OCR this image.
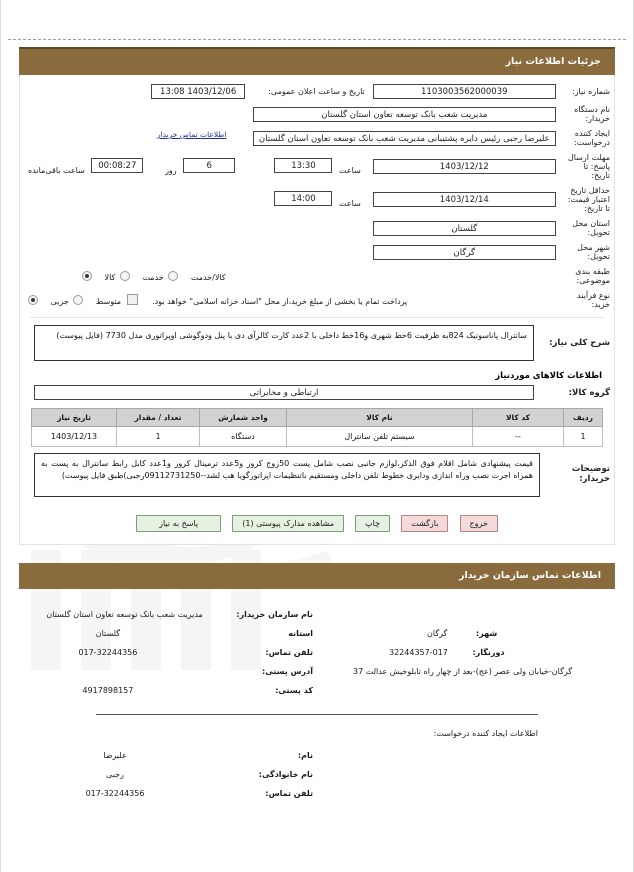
جزئیات اطلاعات نیاز
شماره نیاز:	1103003562000039	تاریخ و ساعت اعلان عمومی:	1403/12/06 13:08	

نام دستگاه خریدار:	مدیریت شعب بانک توسعه تعاون استان گلستان			

ایجاد کننده درخواست:	علیرضا رجبی رئیس دایره پشتیبانی مدیریت شعب بانک توسعه تعاون استان گلستان
اطلاعات تماس خریدار			

مهلت ارسال پاسخ: تا تاریخ:	1403/12/12	ساعت 13:30	6 روز	00:08:27 ساعت باقی‌مانده
حداقل تاریخ اعتبار قیمت: تا تاریخ:	1403/12/14	ساعت 14:00		
استان محل تحویل:	گلستان			

شهر محل تحویل:	گرگان			

طبقه بندی موضوعی:	کالا/خدمت  خدمت  کالا			
نوع فرآیند خرید:	پرداخت تمام یا بخشی از مبلغ خرید،از محل "اسناد خزانه اسلامی" خواهد بود.  متوسط  جزیی			
شرح کلی نیاز:	
سانترال پاناسونیک 824به ظرفیت 6خط شهری و16خط داخلی با 2عدد کارت کالرآی دی با پنل ودوگوشی اوپراتوری مدل 7730 (فایل پیوست)
اطلاعات کالاهای موردنیاز
گروه کالا:	
ارتباطی و مخابراتی
ردیف	کد کالا	نام کالا	واحد شمارش	تعداد / مقدار	تاریخ نیاز
1	--	سیستم تلفن سانترال	دستگاه	1	1403/12/13
توضیحات خریدار:	
قیمت پیشنهادی شامل اقلام فوق الذکر،لوازم جانبی نصب شامل پست 50زوج کروز و5عدد ترمینال کروز و1عدد کابل رابط سانترال به پست به همراه اجرت نصب وراه اندازی ودایری خطوط تلفن داخلی ومستقیم باتنظیمات اپراتورگویا هب لشد--09112731250رجبی)طبق فایل پیوست)
خروج بازگشت چاپ مشاهده مدارک پیوستی (1) پاسخ به نیاز
اطلاعات تماس سازمان خریدار
	نام سازمان خریدار:	مدیریت شعب بانک توسعه تعاون استان گلستان	
شهر: گرگان	استانه	گلستان	
دورنگار: 017-32244357	تلفن تماس:	017-32244356	
گرگان-خیابان ولی عصر (عج)-بعد از چهار راه تابلوخیش عدالت 37	آدرس پستی:		
	کد پستی:	4917898157	
اطلاعات ایجاد کننده درخواست:
	نام:	علیرضا	
	نام خانوادگی:	رجبی	
	تلفن تماس:	017-32244356	
